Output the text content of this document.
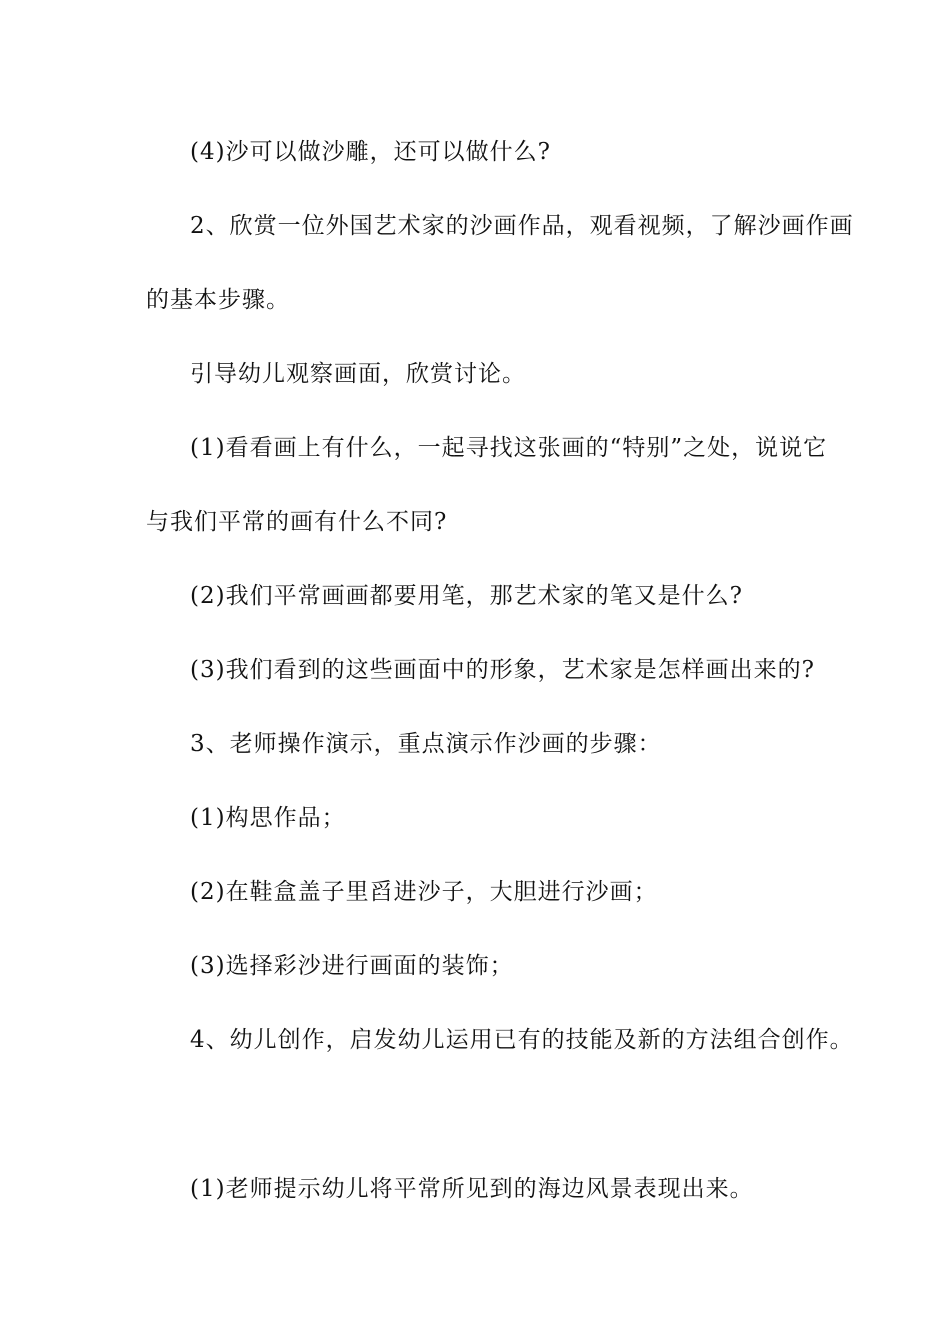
(4)沙可以做沙雕，还可以做什么?
2、欣赏一位外国艺术家的沙画作品，观看视频，了解沙画作画
的基本步骤。
引导幼儿观察画面，欣赏讨论。
(1)看看画上有什么，一起寻找这张画的“特别”之处，说说它
与我们平常的画有什么不同?
(2)我们平常画画都要用笔，那艺术家的笔又是什么?
(3)我们看到的这些画面中的形象，艺术家是怎样画出来的?
3、老师操作演示，重点演示作沙画的步骤：
(1)构思作品；
(2)在鞋盒盖子里舀进沙子，大胆进行沙画；
(3)选择彩沙进行画面的装饰；
4、幼儿创作，启发幼儿运用已有的技能及新的方法组合创作。
(1)老师提示幼儿将平常所见到的海边风景表现出来。
